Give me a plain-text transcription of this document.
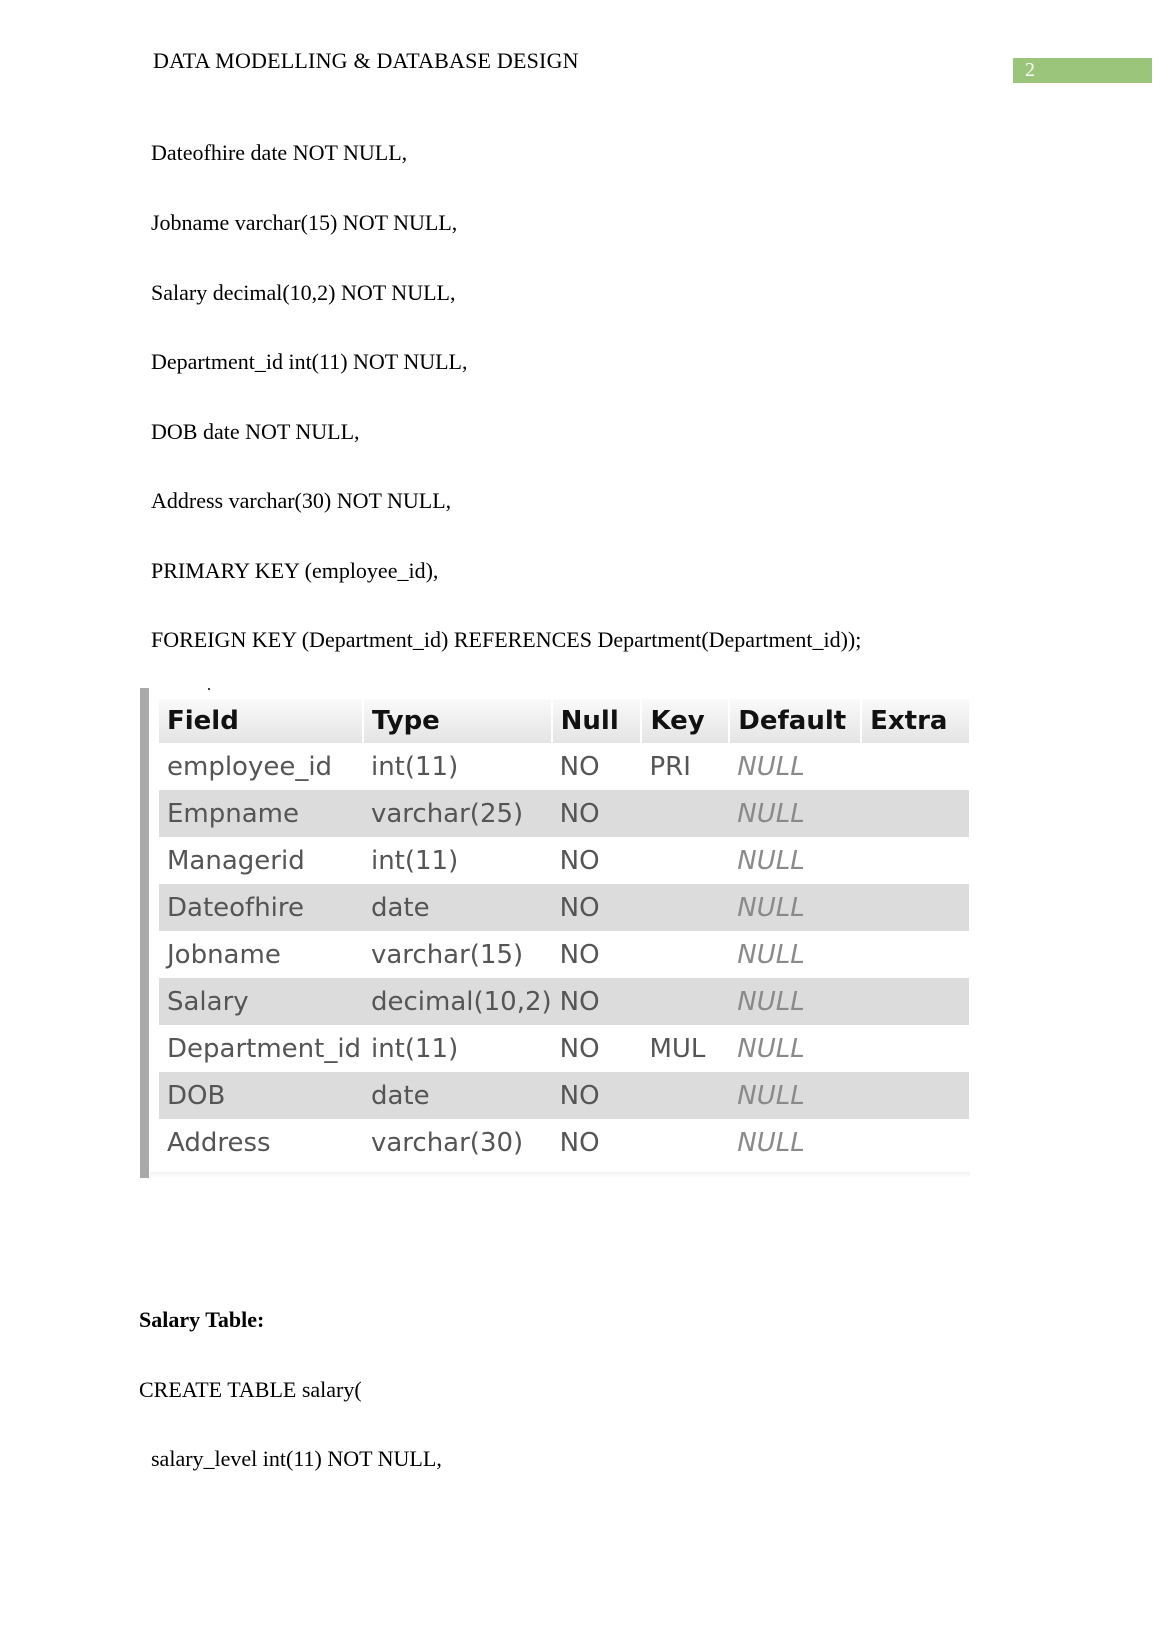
DATA MODELLING & DATABASE DESIGN	2
Dateofhire date NOT NULL,
Jobname varchar(15) NOT NULL,
Salary decimal(10,2) NOT NULL,
Department_id int(11) NOT NULL,
DOB date NOT NULL,
Address varchar(30) NOT NULL,
PRIMARY KEY (employee_id),
FOREIGN KEY (Department_id) REFERENCES Department(Department_id));
Field	Type	Null	Key	Default	Extra
employee_id	int(11)	NO	PRI	NULL	
Empname	varchar(25)	NO		NULL	
Managerid	int(11)	NO		NULL	
Dateofhire	date	NO		NULL	
Jobname	varchar(15)	NO		NULL	
Salary	decimal(10,2)	NO		NULL	
Department_id	int(11)	NO	MUL	NULL	
DOB	date	NO		NULL	
Address	varchar(30)	NO		NULL	
Salary Table:
CREATE TABLE salary(
salary_level int(11) NOT NULL,
